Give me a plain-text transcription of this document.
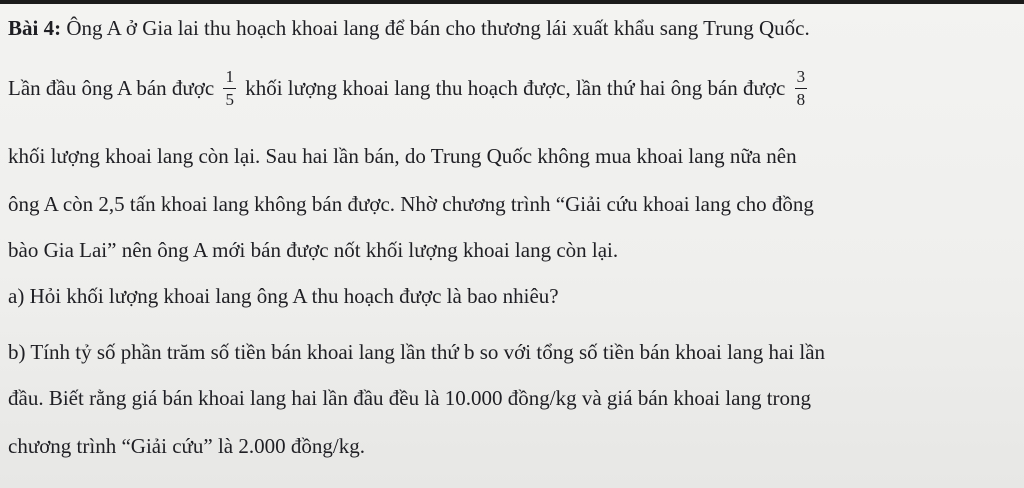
Bài 4: Ông A ở Gia lai thu hoạch khoai lang để bán cho thương lái xuất khẩu sang Trung Quốc.
Lần đầu ông A bán được $\frac{1}{5}$ khối lượng khoai lang thu hoạch được, lần thứ hai ông bán được $\frac{3}{8}$
khối lượng khoai lang còn lại. Sau hai lần bán, do Trung Quốc không mua khoai lang nữa nên
ông A còn 2,5 tấn khoai lang không bán được. Nhờ chương trình “Giải cứu khoai lang cho đồng
bào Gia Lai” nên ông A mới bán được nốt khối lượng khoai lang còn lại.
a) Hỏi khối lượng khoai lang ông A thu hoạch được là bao nhiêu?
b) Tính tỷ số phần trăm số tiền bán khoai lang lần thứ b so với tổng số tiền bán khoai lang hai lần
đầu. Biết rằng giá bán khoai lang hai lần đầu đều là 10.000 đồng/kg và giá bán khoai lang trong
chương trình “Giải cứu” là 2.000 đồng/kg.
